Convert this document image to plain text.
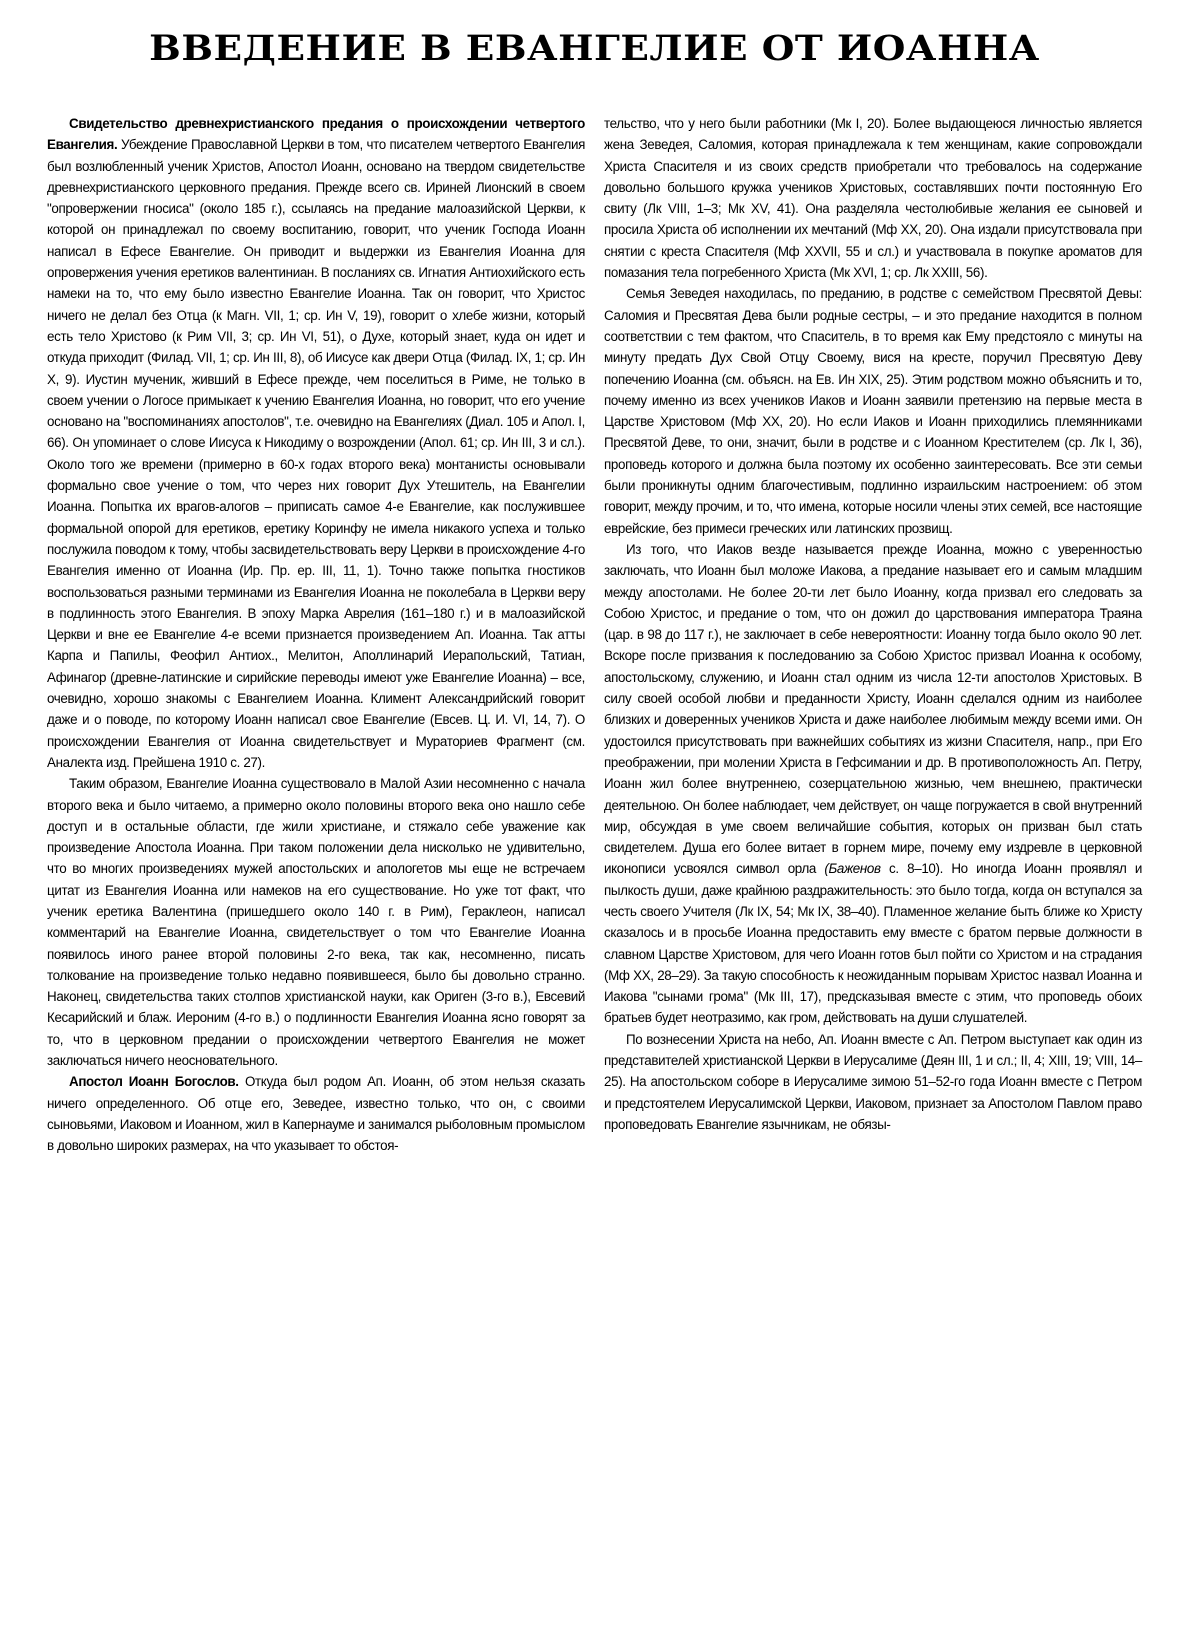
ВВЕДЕНИЕ В ЕВАНГЕЛИЕ ОТ ИОАННА

Свидетельство древнехристианского предания о происхождении четвертого Евангелия. Убеждение Православной Церкви в том, что писателем четвертого Евангелия был возлюбленный ученик Христов, Апостол Иоанн, основано на твердом свидетельстве древнехристианского церковного предания. Прежде всего св. Ириней Лионский в своем "опровержении гносиса" (около 185 г.), ссылаясь на предание малоазийской Церкви, к которой он принадлежал по своему воспитанию, говорит, что ученик Господа Иоанн написал в Ефесе Евангелие. Он приводит и выдержки из Евангелия Иоанна для опровержения учения еретиков валентиниан. В посланиях св. Игнатия Антиохийского есть намеки на то, что ему было известно Евангелие Иоанна. Так он говорит, что Христос ничего не делал без Отца (к Магн. VII, 1; ср. Ин V, 19), говорит о хлебе жизни, который есть тело Христово (к Рим VII, 3; ср. Ин VI, 51), о Духе, который знает, куда он идет и откуда приходит (Филад. VII, 1; ср. Ин III, 8), об Иисусе как двери Отца (Филад. IX, 1; ср. Ин X, 9). Иустин мученик, живший в Ефесе прежде, чем поселиться в Риме, не только в своем учении о Логосе примыкает к учению Евангелия Иоанна, но говорит, что его учение основано на "воспоминаниях апостолов", т.е. очевидно на Евангелиях (Диал. 105 и Апол. I, 66). Он упоминает о слове Иисуса к Никодиму о возрождении (Апол. 61; ср. Ин III, 3 и сл.). Около того же времени (примерно в 60-х годах второго века) монтанисты основывали формально свое учение о том, что через них говорит Дух Утешитель, на Евангелии Иоанна. Попытка их врагов-алогов – приписать самое 4-е Евангелие, как послужившее формальной опорой для еретиков, еретику Коринфу не имела никакого успеха и только послужила поводом к тому, чтобы засвидетельствовать веру Церкви в происхождение 4-го Евангелия именно от Иоанна (Ир. Пр. ер. III, 11, 1). Точно также попытка гностиков воспользоваться разными терминами из Евангелия Иоанна не поколебала в Церкви веру в подлинность этого Евангелия. В эпоху Марка Аврелия (161–180 г.) и в малоазийской Церкви и вне ее Евангелие 4-е всеми признается произведением Ап. Иоанна. Так атты Карпа и Папилы, Феофил Антиох., Мелитон, Аполлинарий Иерапольский, Татиан, Афинагор (древне-латинские и сирийские переводы имеют уже Евангелие Иоанна) – все, очевидно, хорошо знакомы с Евангелием Иоанна. Климент Александрийский говорит даже и о поводе, по которому Иоанн написал свое Евангелие (Евсев. Ц. И. VI, 14, 7). О происхождении Евангелия от Иоанна свидетельствует и Мураториев Фрагмент (см. Аналекта изд. Прейшена 1910 с. 27).

Таким образом, Евангелие Иоанна существовало в Малой Азии несомненно с начала второго века и было читаемо, а примерно около половины второго века оно нашло себе доступ и в остальные области, где жили христиане, и стяжало себе уважение как произведение Апостола Иоанна. При таком положении дела нисколько не удивительно, что во многих произведениях мужей апостольских и апологетов мы еще не встречаем цитат из Евангелия Иоанна или намеков на его существование. Но уже тот факт, что ученик еретика Валентина (пришедшего около 140 г. в Рим), Гераклеон, написал комментарий на Евангелие Иоанна, свидетельствует о том что Евангелие Иоанна появилось иного ранее второй половины 2-го века, так как, несомненно, писать толкование на произведение только недавно появившееся, было бы довольно странно. Наконец, свидетельства таких столпов христианской науки, как Ориген (3-го в.), Евсевий Кесарийский и блаж. Иероним (4-го в.) о подлинности Евангелия Иоанна ясно говорят за то, что в церковном предании о происхождении четвертого Евангелия не может заключаться ничего неосновательного.

Апостол Иоанн Богослов. Откуда был родом Ап. Иоанн, об этом нельзя сказать ничего определенного. Об отце его, Зеведее, известно только, что он, с своими сыновьями, Иаковом и Иоанном, жил в Капернауме и занимался рыболовным промыслом в довольно широких размерах, на что указывает то обстоя-

тельство, что у него были работники (Мк I, 20). Более выдающеюся личностью является жена Зеведея, Саломия, которая принадлежала к тем женщинам, какие сопровождали Христа Спасителя и из своих средств приобретали что требовалось на содержание довольно большого кружка учеников Христовых, составлявших почти постоянную Его свиту (Лк VIII, 1–3; Мк XV, 41). Она разделяла честолюбивые желания ее сыновей и просила Христа об исполнении их мечтаний (Мф XX, 20). Она издали присутствовала при снятии с креста Спасителя (Мф XXVII, 55 и сл.) и участвовала в покупке ароматов для помазания тела погребенного Христа (Мк XVI, 1; ср. Лк XXIII, 56).

Семья Зеведея находилась, по преданию, в родстве с семейством Пресвятой Девы: Саломия и Пресвятая Дева были родные сестры, – и это предание находится в полном соответствии с тем фактом, что Спаситель, в то время как Ему предстояло с минуты на минуту предать Дух Свой Отцу Своему, вися на кресте, поручил Пресвятую Деву попечению Иоанна (см. объясн. на Ев. Ин XIX, 25). Этим родством можно объяснить и то, почему именно из всех учеников Иаков и Иоанн заявили претензию на первые места в Царстве Христовом (Мф XX, 20). Но если Иаков и Иоанн приходились племянниками Пресвятой Деве, то они, значит, были в родстве и с Иоанном Крестителем (ср. Лк I, 36), проповедь которого и должна была поэтому их особенно заинтересовать. Все эти семьи были проникнуты одним благочестивым, подлинно израильским настроением: об этом говорит, между прочим, и то, что имена, которые носили члены этих семей, все настоящие еврейские, без примеси греческих или латинских прозвищ.

Из того, что Иаков везде называется прежде Иоанна, можно с уверенностью заключать, что Иоанн был моложе Иакова, а предание называет его и самым младшим между апостолами. Не более 20-ти лет было Иоанну, когда призвал его следовать за Собою Христос, и предание о том, что он дожил до царствования императора Траяна (цар. в 98 до 117 г.), не заключает в себе невероятности: Иоанну тогда было около 90 лет. Вскоре после призвания к последованию за Собою Христос призвал Иоанна к особому, апостольскому, служению, и Иоанн стал одним из числа 12-ти апостолов Христовых. В силу своей особой любви и преданности Христу, Иоанн сделался одним из наиболее близких и доверенных учеников Христа и даже наиболее любимым между всеми ими. Он удостоился присутствовать при важнейших событиях из жизни Спасителя, напр., при Его преображении, при молении Христа в Гефсимании и др. В противоположность Ап. Петру, Иоанн жил более внутреннею, созерцательною жизнью, чем внешнею, практически деятельною. Он более наблюдает, чем действует, он чаще погружается в свой внутренний мир, обсуждая в уме своем величайшие события, которых он призван был стать свидетелем. Душа его более витает в горнем мире, почему ему издревле в церковной иконописи усвоялся символ орла (Баженов с. 8–10). Но иногда Иоанн проявлял и пылкость души, даже крайнюю раздражительность: это было тогда, когда он вступался за честь своего Учителя (Лк IX, 54; Мк IX, 38–40). Пламенное желание быть ближе ко Христу сказалось и в просьбе Иоанна предоставить ему вместе с братом первые должности в славном Царстве Христовом, для чего Иоанн готов был пойти со Христом и на страдания (Мф XX, 28–29). За такую способность к неожиданным порывам Христос назвал Иоанна и Иакова "сынами грома" (Мк III, 17), предсказывая вместе с этим, что проповедь обоих братьев будет неотразимо, как гром, действовать на души слушателей.

По вознесении Христа на небо, Ап. Иоанн вместе с Ап. Петром выступает как один из представителей христианской Церкви в Иерусалиме (Деян III, 1 и сл.; II, 4; XIII, 19; VIII, 14–25). На апостольском соборе в Иерусалиме зимою 51–52-го года Иоанн вместе с Петром и предстоятелем Иерусалимской Церкви, Иаковом, признает за Апостолом Павлом право проповедовать Евангелие язычникам, не обязы-
